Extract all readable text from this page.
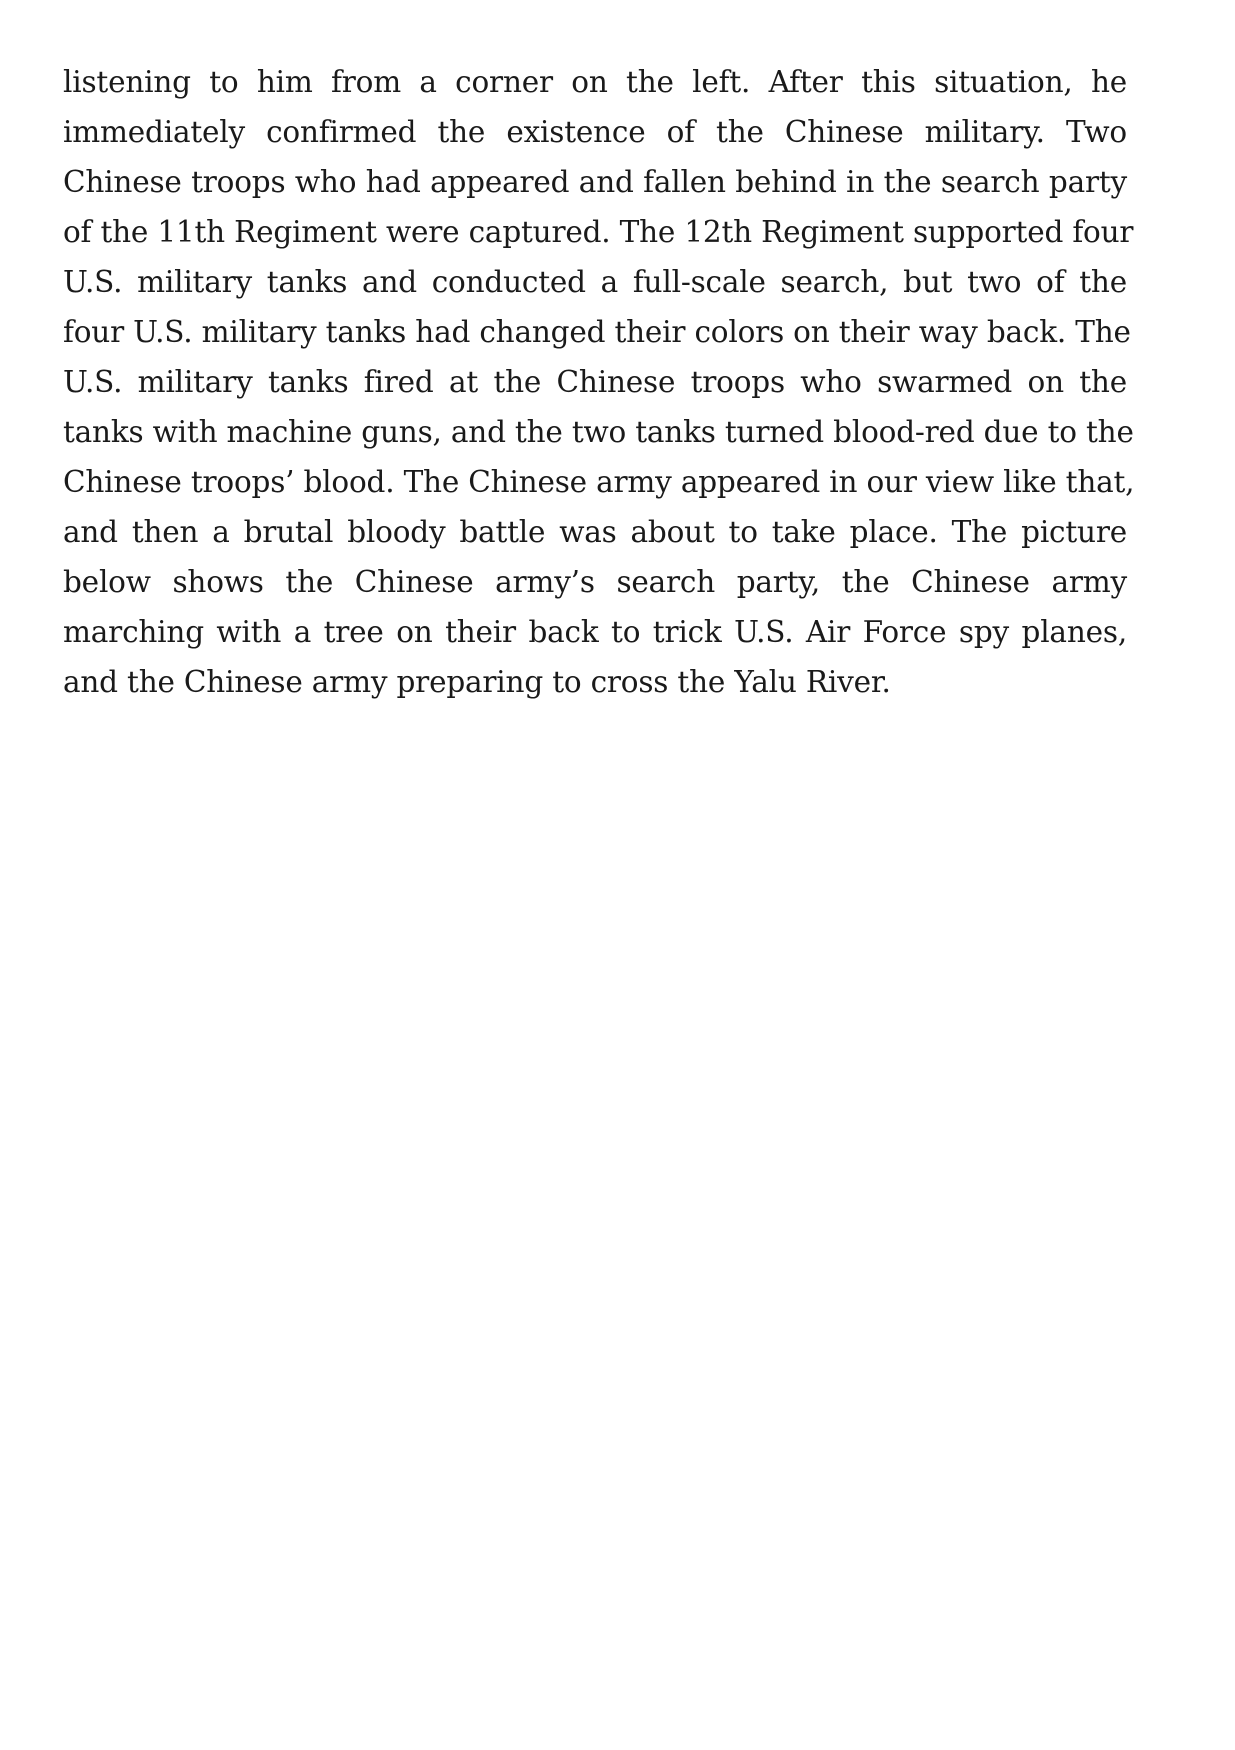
listening to him from a corner on the left. After this situation, he
immediately confirmed the existence of the Chinese military. Two
Chinese troops who had appeared and fallen behind in the search party
of the 11th Regiment were captured. The 12th Regiment supported four
U.S. military tanks and conducted a full-scale search, but two of the
four U.S. military tanks had changed their colors on their way back. The
U.S. military tanks fired at the Chinese troops who swarmed on the
tanks with machine guns, and the two tanks turned blood-red due to the
Chinese troops’ blood. The Chinese army appeared in our view like that,
and then a brutal bloody battle was about to take place. The picture
below shows the Chinese army’s search party, the Chinese army
marching with a tree on their back to trick U.S. Air Force spy planes,
and the Chinese army preparing to cross the Yalu River.
